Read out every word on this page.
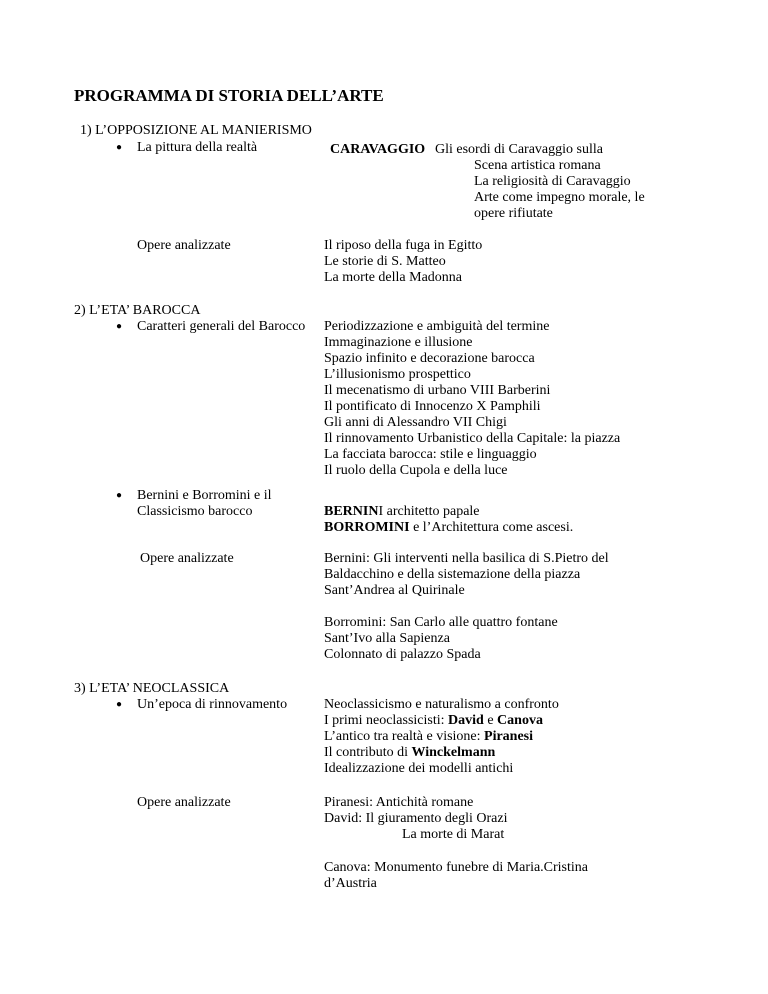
PROGRAMMA DI STORIA DELL’ARTE

1) L’OPPOSIZIONE AL MANIERISMO

● La pittura della realtà	CARAVAGGIO Gli esordi di Caravaggio sulla

Scena artistica romana

La religiosità di Caravaggio

Arte come impegno morale, le

opere rifiutate

Opere analizzate	Il riposo della fuga in Egitto

Le storie di S. Matteo

La morte della Madonna

2) L’ETA’ BAROCCA

● Caratteri generali del Barocco Periodizzazione e ambiguità del termine

Immaginazione e illusione

Spazio infinito e decorazione barocca

L’illusionismo prospettico

Il mecenatismo di urbano VIII Barberini

Il pontificato di Innocenzo X Pamphili

Gli anni di Alessandro VII Chigi

Il rinnovamento Urbanistico della Capitale: la piazza

La facciata barocca: stile e linguaggio

Il ruolo della Cupola e della luce

● Bernini e Borromini e il

Classicismo barocco	BERNINI architetto papale

BORROMINI e l’Architettura come ascesi.

Opere analizzate	Bernini: Gli interventi nella basilica di S.Pietro del

Baldacchino e della sistemazione della piazza

Sant’Andrea al Quirinale

Borromini: San Carlo alle quattro fontane

Sant’Ivo alla Sapienza

Colonnato di palazzo Spada

3) L’ETA’ NEOCLASSICA

● Un’epoca di rinnovamento	Neoclassicismo e naturalismo a confronto

I primi neoclassicisti: David e Canova

L’antico tra realtà e visione: Piranesi

Il contributo di Winckelmann

Idealizzazione dei modelli antichi

Opere analizzate	Piranesi: Antichità romane

David: Il giuramento degli Orazi

La morte di Marat

Canova: Monumento funebre di Maria.Cristina

d’Austria
